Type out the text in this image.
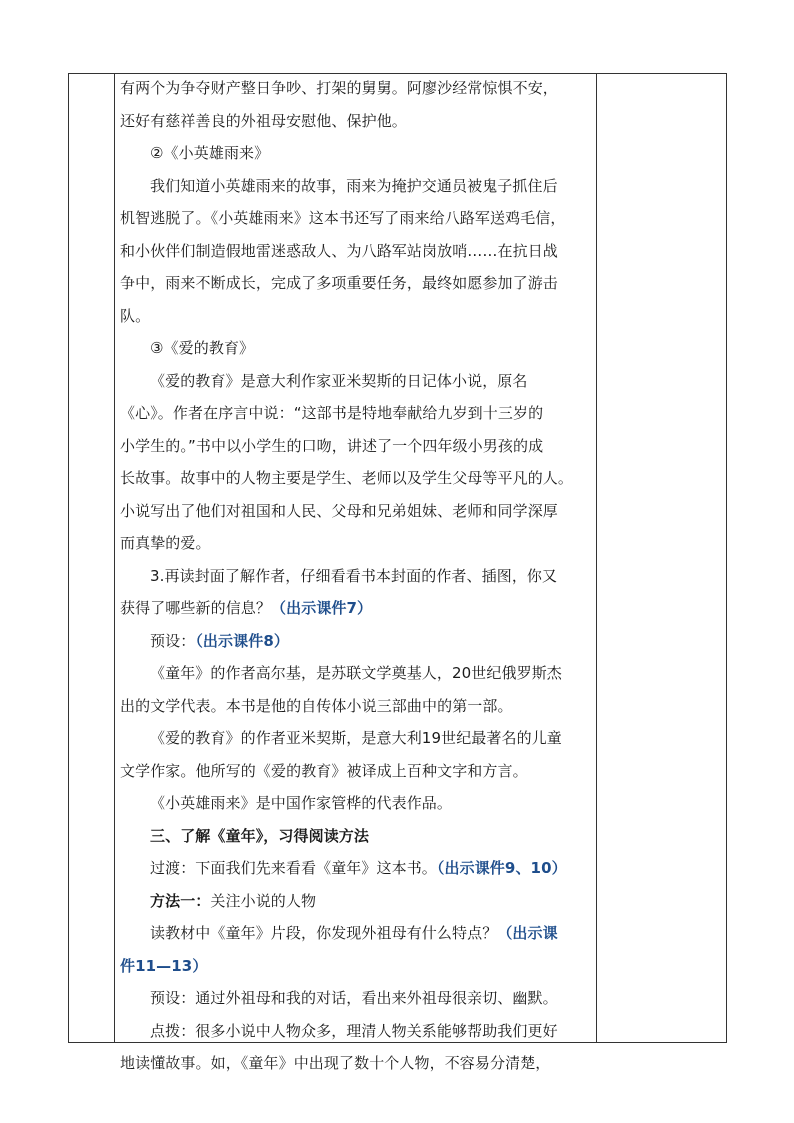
有两个为争夺财产整日争吵、打架的舅舅。阿廖沙经常惊惧不安，
还好有慈祥善良的外祖母安慰他、保护他。
②《小英雄雨来》
我们知道小英雄雨来的故事，雨来为掩护交通员被鬼子抓住后
机智逃脱了。《小英雄雨来》这本书还写了雨来给八路军送鸡毛信，
和小伙伴们制造假地雷迷惑敌人、为八路军站岗放哨……在抗日战
争中，雨来不断成长，完成了多项重要任务，最终如愿参加了游击
队。
③《爱的教育》
《爱的教育》是意大利作家亚米契斯的日记体小说，原名
《心》。作者在序言中说：“这部书是特地奉献给九岁到十三岁的
小学生的。”书中以小学生的口吻，讲述了一个四年级小男孩的成
长故事。故事中的人物主要是学生、老师以及学生父母等平凡的人。
小说写出了他们对祖国和人民、父母和兄弟姐妹、老师和同学深厚
而真挚的爱。
3.再读封面了解作者，仔细看看书本封面的作者、插图，你又
获得了哪些新的信息？（出示课件7）
预设：（出示课件8）
《童年》的作者高尔基，是苏联文学奠基人，20世纪俄罗斯杰
出的文学代表。本书是他的自传体小说三部曲中的第一部。
《爱的教育》的作者亚米契斯，是意大利19世纪最著名的儿童
文学作家。他所写的《爱的教育》被译成上百种文字和方言。
《小英雄雨来》是中国作家管桦的代表作品。
三、了解《童年》，习得阅读方法
过渡：下面我们先来看看《童年》这本书。（出示课件9、10）
方法一：关注小说的人物
读教材中《童年》片段，你发现外祖母有什么特点？（出示课
件11—13）
预设：通过外祖母和我的对话，看出来外祖母很亲切、幽默。
点拨：很多小说中人物众多，理清人物关系能够帮助我们更好
地读懂故事。如，《童年》中出现了数十个人物，不容易分清楚，
